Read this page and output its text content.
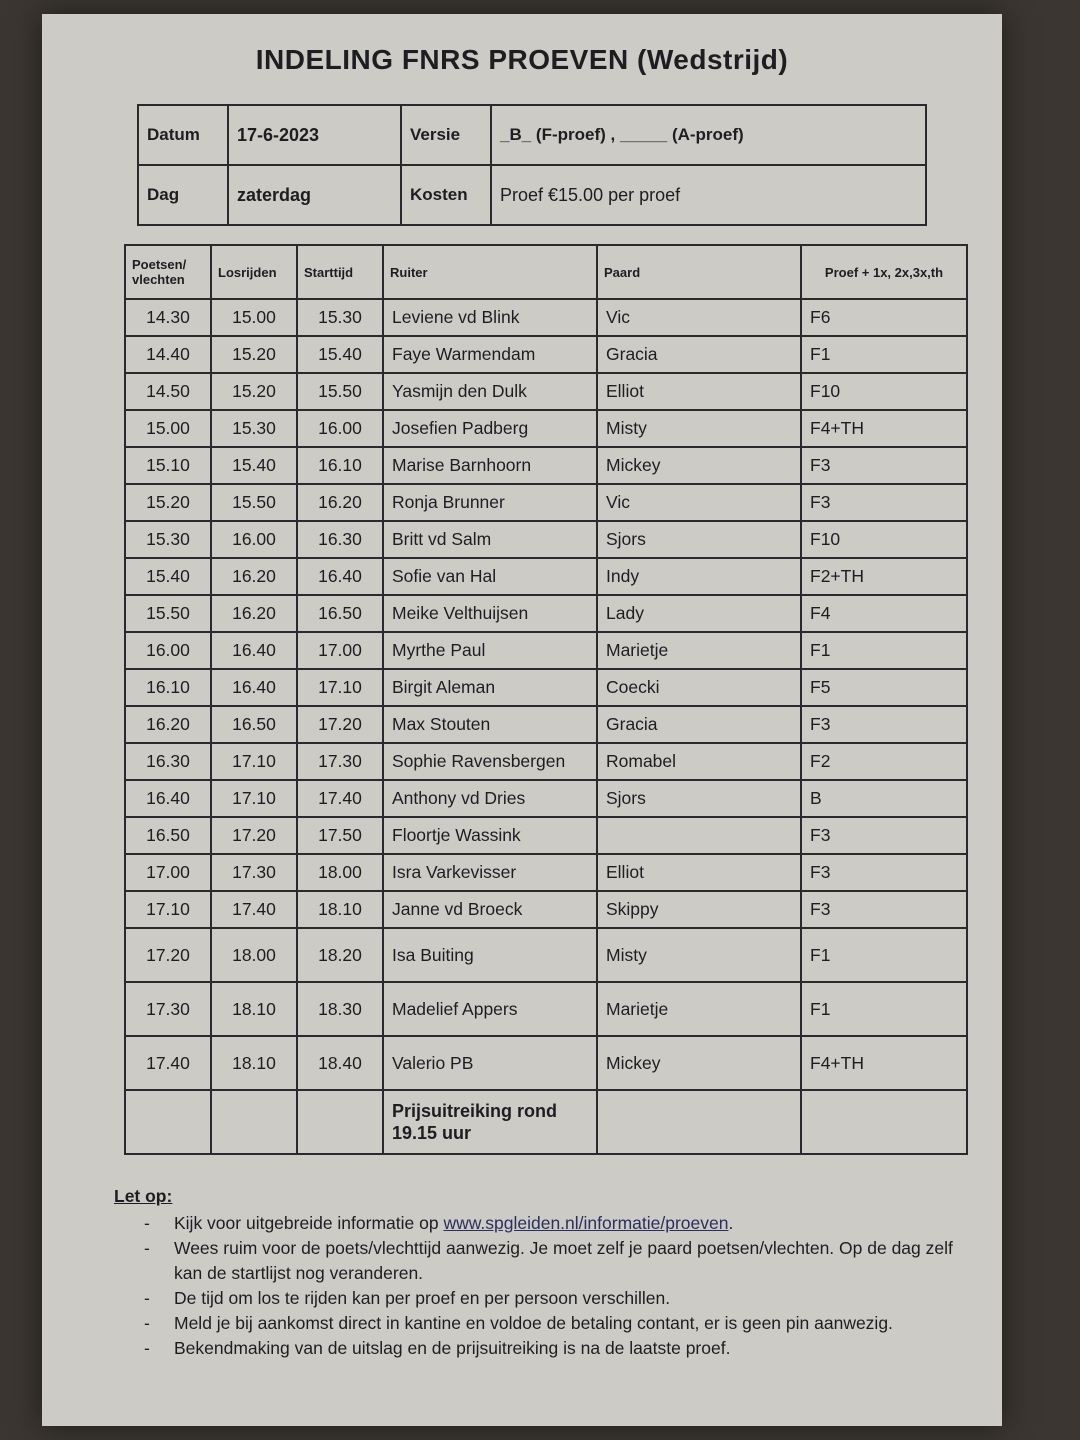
INDELING FNRS PROEVEN (Wedstrijd)
Datum	17-6-2023	Versie	_B_ (F-proef) , _____ (A-proef)
Dag	zaterdag	Kosten	Proef €15.00 per proef
Poetsen/ vlechten	Losrijden	Starttijd	Ruiter	Paard	Proef + 1x, 2x,3x,th
14.30	15.00	15.30	Leviene vd Blink	Vic	F6
14.40	15.20	15.40	Faye Warmendam	Gracia	F1
14.50	15.20	15.50	Yasmijn den Dulk	Elliot	F10
15.00	15.30	16.00	Josefien Padberg	Misty	F4+TH
15.10	15.40	16.10	Marise Barnhoorn	Mickey	F3
15.20	15.50	16.20	Ronja Brunner	Vic	F3
15.30	16.00	16.30	Britt vd Salm	Sjors	F10
15.40	16.20	16.40	Sofie van Hal	Indy	F2+TH
15.50	16.20	16.50	Meike Velthuijsen	Lady	F4
16.00	16.40	17.00	Myrthe Paul	Marietje	F1
16.10	16.40	17.10	Birgit Aleman	Coecki	F5
16.20	16.50	17.20	Max Stouten	Gracia	F3
16.30	17.10	17.30	Sophie Ravensbergen	Romabel	F2
16.40	17.10	17.40	Anthony vd Dries	Sjors	B
16.50	17.20	17.50	Floortje Wassink		F3
17.00	17.30	18.00	Isra Varkevisser	Elliot	F3
17.10	17.40	18.10	Janne vd Broeck	Skippy	F3
17.20	18.00	18.20	Isa Buiting	Misty	F1
17.30	18.10	18.30	Madelief Appers	Marietje	F1
17.40	18.10	18.40	Valerio PB	Mickey	F4+TH

			Prijsuitreiking rond
19.15 uur		

Let op:
- Kijk voor uitgebreide informatie op www.spgleiden.nl/informatie/proeven.
- Wees ruim voor de poets/vlechttijd aanwezig. Je moet zelf je paard poetsen/vlechten. Op de dag zelf kan de startlijst nog veranderen.
- De tijd om los te rijden kan per proef en per persoon verschillen.
- Meld je bij aankomst direct in kantine en voldoe de betaling contant, er is geen pin aanwezig.
- Bekendmaking van de uitslag en de prijsuitreiking is na de laatste proef.
